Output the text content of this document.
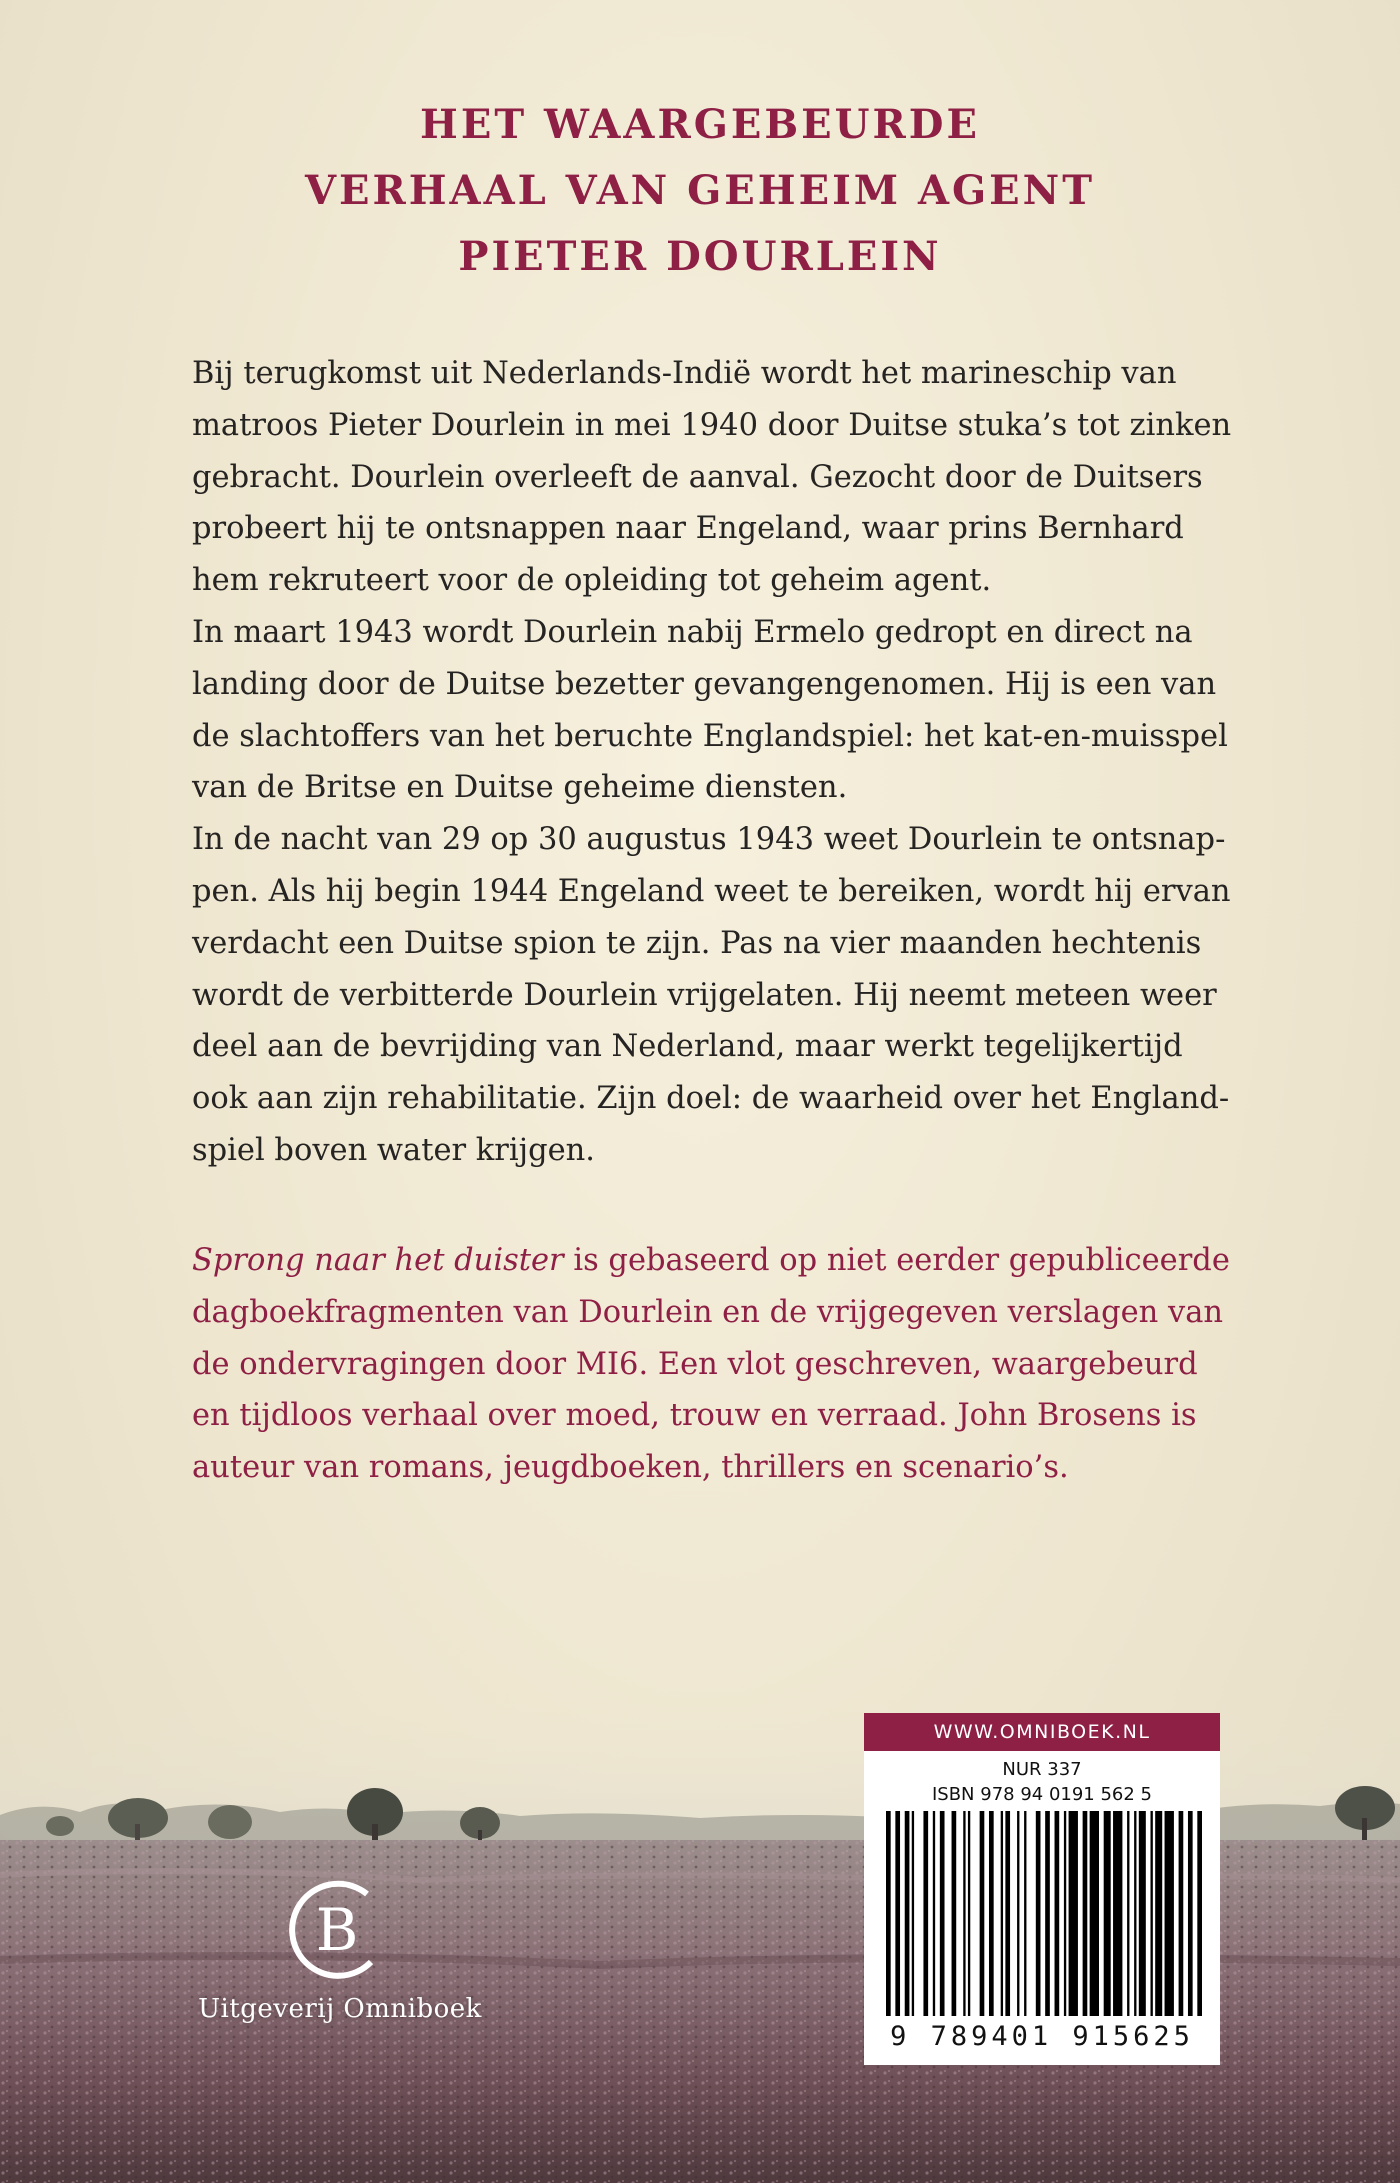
HET WAARGEBEURDE
VERHAAL VAN GEHEIM AGENT
PIETER DOURLEIN
Bij terugkomst uit Nederlands-Indië wordt het marineschip van
matroos Pieter Dourlein in mei 1940 door Duitse stuka’s tot zinken
gebracht. Dourlein overleeft de aanval. Gezocht door de Duitsers
probeert hij te ontsnappen naar Engeland, waar prins Bernhard
hem rekruteert voor de opleiding tot geheim agent.
In maart 1943 wordt Dourlein nabij Ermelo gedropt en direct na
landing door de Duitse bezetter gevangengenomen. Hij is een van
de slachtoffers van het beruchte Englandspiel: het kat-en-muisspel
van de Britse en Duitse geheime diensten.
In de nacht van 29 op 30 augustus 1943 weet Dourlein te ontsnap-
pen. Als hij begin 1944 Engeland weet te bereiken, wordt hij ervan
verdacht een Duitse spion te zijn. Pas na vier maanden hechtenis
wordt de verbitterde Dourlein vrijgelaten. Hij neemt meteen weer
deel aan de bevrijding van Nederland, maar werkt tegelijkertijd
ook aan zijn rehabilitatie. Zijn doel: de waarheid over het England-
spiel boven water krijgen.
Sprong naar het duister is gebaseerd op niet eerder gepubliceerde
dagboekfragmenten van Dourlein en de vrijgegeven verslagen van
de ondervragingen door MI6. Een vlot geschreven, waargebeurd
en tijdloos verhaal over moed, trouw en verraad. John Brosens is
auteur van romans, jeugdboeken, thrillers en scenario’s.
B
Uitgeverij Omniboek
WWW.OMNIBOEK.NL
NUR 337
ISBN 978 94 0191 562 5
9 789401 915625
